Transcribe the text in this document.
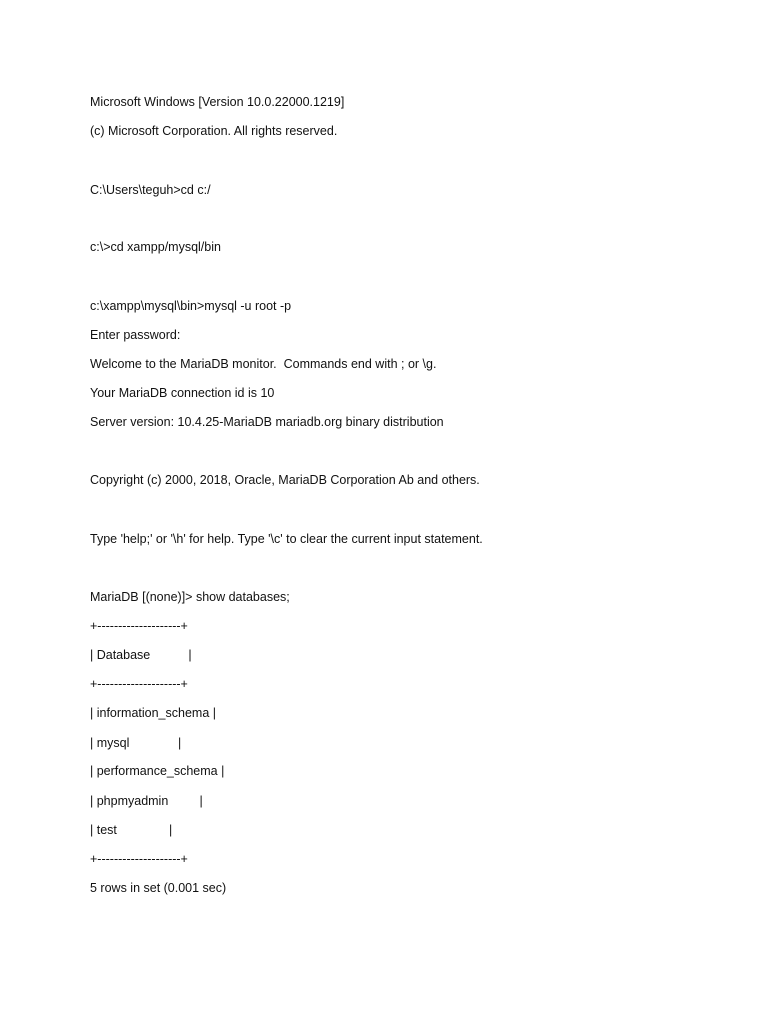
Microsoft Windows [Version 10.0.22000.1219]
(c) Microsoft Corporation. All rights reserved.
C:\Users\teguh>cd c:/
c:\>cd xampp/mysql/bin
c:\xampp\mysql\bin>mysql -u root -p
Enter password:
Welcome to the MariaDB monitor.  Commands end with ; or \g.
Your MariaDB connection id is 10
Server version: 10.4.25-MariaDB mariadb.org binary distribution
Copyright (c) 2000, 2018, Oracle, MariaDB Corporation Ab and others.
Type 'help;' or '\h' for help. Type '\c' to clear the current input statement.
MariaDB [(none)]> show databases;
+--------------------+
| Database           |
+--------------------+
| information_schema |
| mysql              |
| performance_schema |
| phpmyadmin         |
| test               |
+--------------------+
5 rows in set (0.001 sec)
